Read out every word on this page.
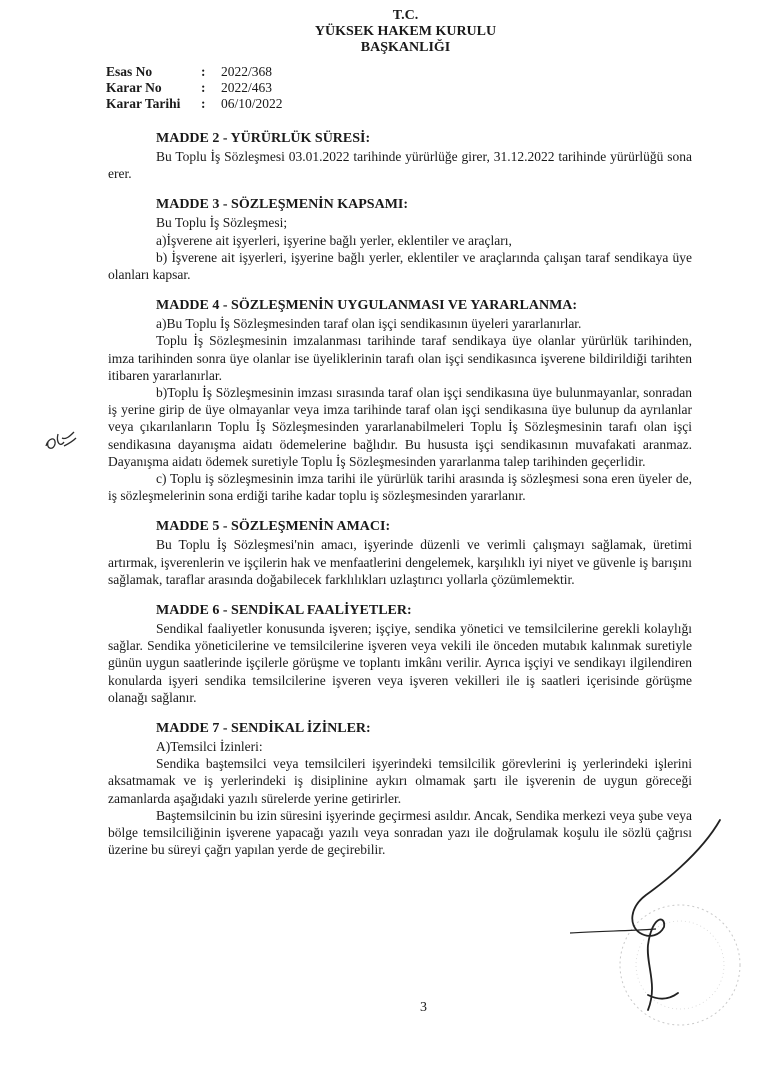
T.C.
YÜKSEK HAKEM KURULU
BAŞKANLIĞI
Esas No	:	2022/368
Karar No	:	2022/463
Karar Tarihi	:	06/10/2022
MADDE 2 - YÜRÜRLÜK SÜRESİ:

Bu Toplu İş Sözleşmesi 03.01.2022 tarihinde yürürlüğe girer, 31.12.2022 tarihinde yürürlüğü sona erer.

MADDE 3 - SÖZLEŞMENİN KAPSAMI:

Bu Toplu İş Sözleşmesi;

a)İşverene ait işyerleri, işyerine bağlı yerler, eklentiler ve araçları,

b) İşverene ait işyerleri, işyerine bağlı yerler, eklentiler ve araçlarında çalışan taraf sendikaya üye olanları kapsar.

MADDE 4 - SÖZLEŞMENİN UYGULANMASI VE YARARLANMA:

a)Bu Toplu İş Sözleşmesinden taraf olan işçi sendikasının üyeleri yararlanırlar.

Toplu İş Sözleşmesinin imzalanması tarihinde taraf sendikaya üye olanlar yürürlük tarihinden, imza tarihinden sonra üye olanlar ise üyeliklerinin tarafı olan işçi sendikasınca işverene bildirildiği tarihten itibaren yararlanırlar.

b)Toplu İş Sözleşmesinin imzası sırasında taraf olan işçi sendikasına üye bulunmayanlar, sonradan iş yerine girip de üye olmayanlar veya imza tarihinde taraf olan işçi sendikasına üye bulunup da ayrılanlar veya çıkarılanların Toplu İş Sözleşmesinden yararlanabilmeleri Toplu İş Sözleşmesinin tarafı olan işçi sendikasına dayanışma aidatı ödemelerine bağlıdır. Bu hususta işçi sendikasının muvafakati aranmaz. Dayanışma aidatı ödemek suretiyle Toplu İş Sözleşmesinden yararlanma talep tarihinden geçerlidir.

c) Toplu iş sözleşmesinin imza tarihi ile yürürlük tarihi arasında iş sözleşmesi sona eren üyeler de, iş sözleşmelerinin sona erdiği tarihe kadar toplu iş sözleşmesinden yararlanır.

MADDE 5 - SÖZLEŞMENİN AMACI:

Bu Toplu İş Sözleşmesi'nin amacı, işyerinde düzenli ve verimli çalışmayı sağlamak, üretimi artırmak, işverenlerin ve işçilerin hak ve menfaatlerini dengelemek, karşılıklı iyi niyet ve güvenle iş barışını sağlamak, taraflar arasında doğabilecek farklılıkları uzlaştırıcı yollarla çözümlemektir.

MADDE 6 - SENDİKAL FAALİYETLER:

Sendikal faaliyetler konusunda işveren; işçiye, sendika yönetici ve temsilcilerine gerekli kolaylığı sağlar. Sendika yöneticilerine ve temsilcilerine işveren veya vekili ile önceden mutabık kalınmak suretiyle günün uygun saatlerinde işçilerle görüşme ve toplantı imkânı verilir. Ayrıca işçiyi ve sendikayı ilgilendiren konularda işyeri sendika temsilcilerine işveren veya işveren vekilleri ile iş saatleri içerisinde görüşme olanağı sağlanır.

MADDE 7 - SENDİKAL İZİNLER:

A)Temsilci İzinleri:

Sendika baştemsilci veya temsilcileri işyerindeki temsilcilik görevlerini iş yerlerindeki işlerini aksatmamak ve iş yerlerindeki iş disiplinine aykırı olmamak şartı ile işverenin de uygun göreceği zamanlarda aşağıdaki yazılı sürelerde yerine getirirler.

Baştemsilcinin bu izin süresini işyerinde geçirmesi asıldır. Ancak, Sendika merkezi veya şube veya bölge temsilciliğinin işverene yapacağı yazılı veya sonradan yazı ile doğrulamak koşulu ile sözlü çağrısı üzerine bu süreyi çağrı yapılan yerde de geçirebilir.

3
